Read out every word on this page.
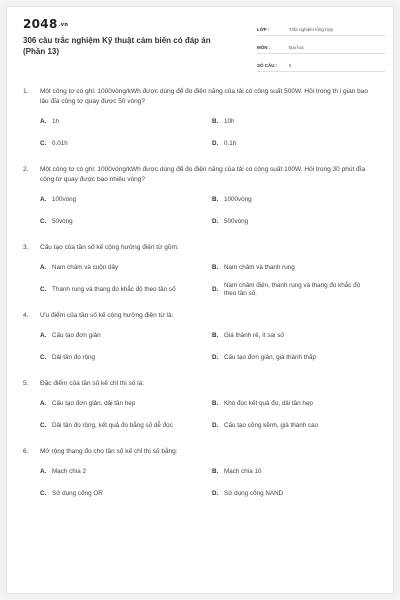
$2048^{.vn}$
306 câu trắc nghiệm Kỹ thuật cảm biến có đáp án (Phần 13)
LỚP :	Trắc nghiệm tổng hợp
MÔN :	Đại học
SỐ CÂU :	6
1.	Một công tơ có ghi: 1000vòng/kWh được dùng để đo điện năng của tải có công suất 500W. Hỏi trong th i gian bao lâu đĩa công tơ quay được 50 vòng?
A. 1h	B. 10h
C. 0.01h	D. 0.1h
2.	Một công tơ có ghi: 1000vòng/kWh được dùng để đo điện năng của tải có công suất 100W. Hỏi trong 30 phút đĩa công tơ quay được bao nhiêu vòng?
A. 100vòng	B. 1000vòng
C. 50vòng	D. 500vòng
3.	Cấu tạo của tần số kế cộng hưởng điện từ gồm:
A. Nam châm và cuộn dây	B. Nam châm và thanh rung
C. Thanh rung và thang đo khắc độ theo tần số	D.
Nam châm điện, thanh rung và thang đo khắc độ theo tần số.
4.	Ưu điểm của tần số kế cộng hưởng điện từ là:
A. Cấu tạo đơn giản	B. Giá thành rẻ, ít sai số
C. Dải tần đo rộng	D. Cấu tạo đơn giản, giá thành thấp
5.	Đặc điểm của tần số kế chỉ thị số là:
A. Cấu tạo đơn giản, dải tần hẹp	B. Khó đọc kết quả đo, dải tần hẹp
C. Dải tần đo rộng, kết quả đo bằng số dễ đọc	D. Cấu tạo cồng kềnh, giá thành cao
6.	Mở rộng thang đo cho tần số kế chỉ thị số bằng:
A. Mạch chia 2	B. Mạch chia 10
C. Sử dụng cổng OR	D. Sử dụng cổng NAND
